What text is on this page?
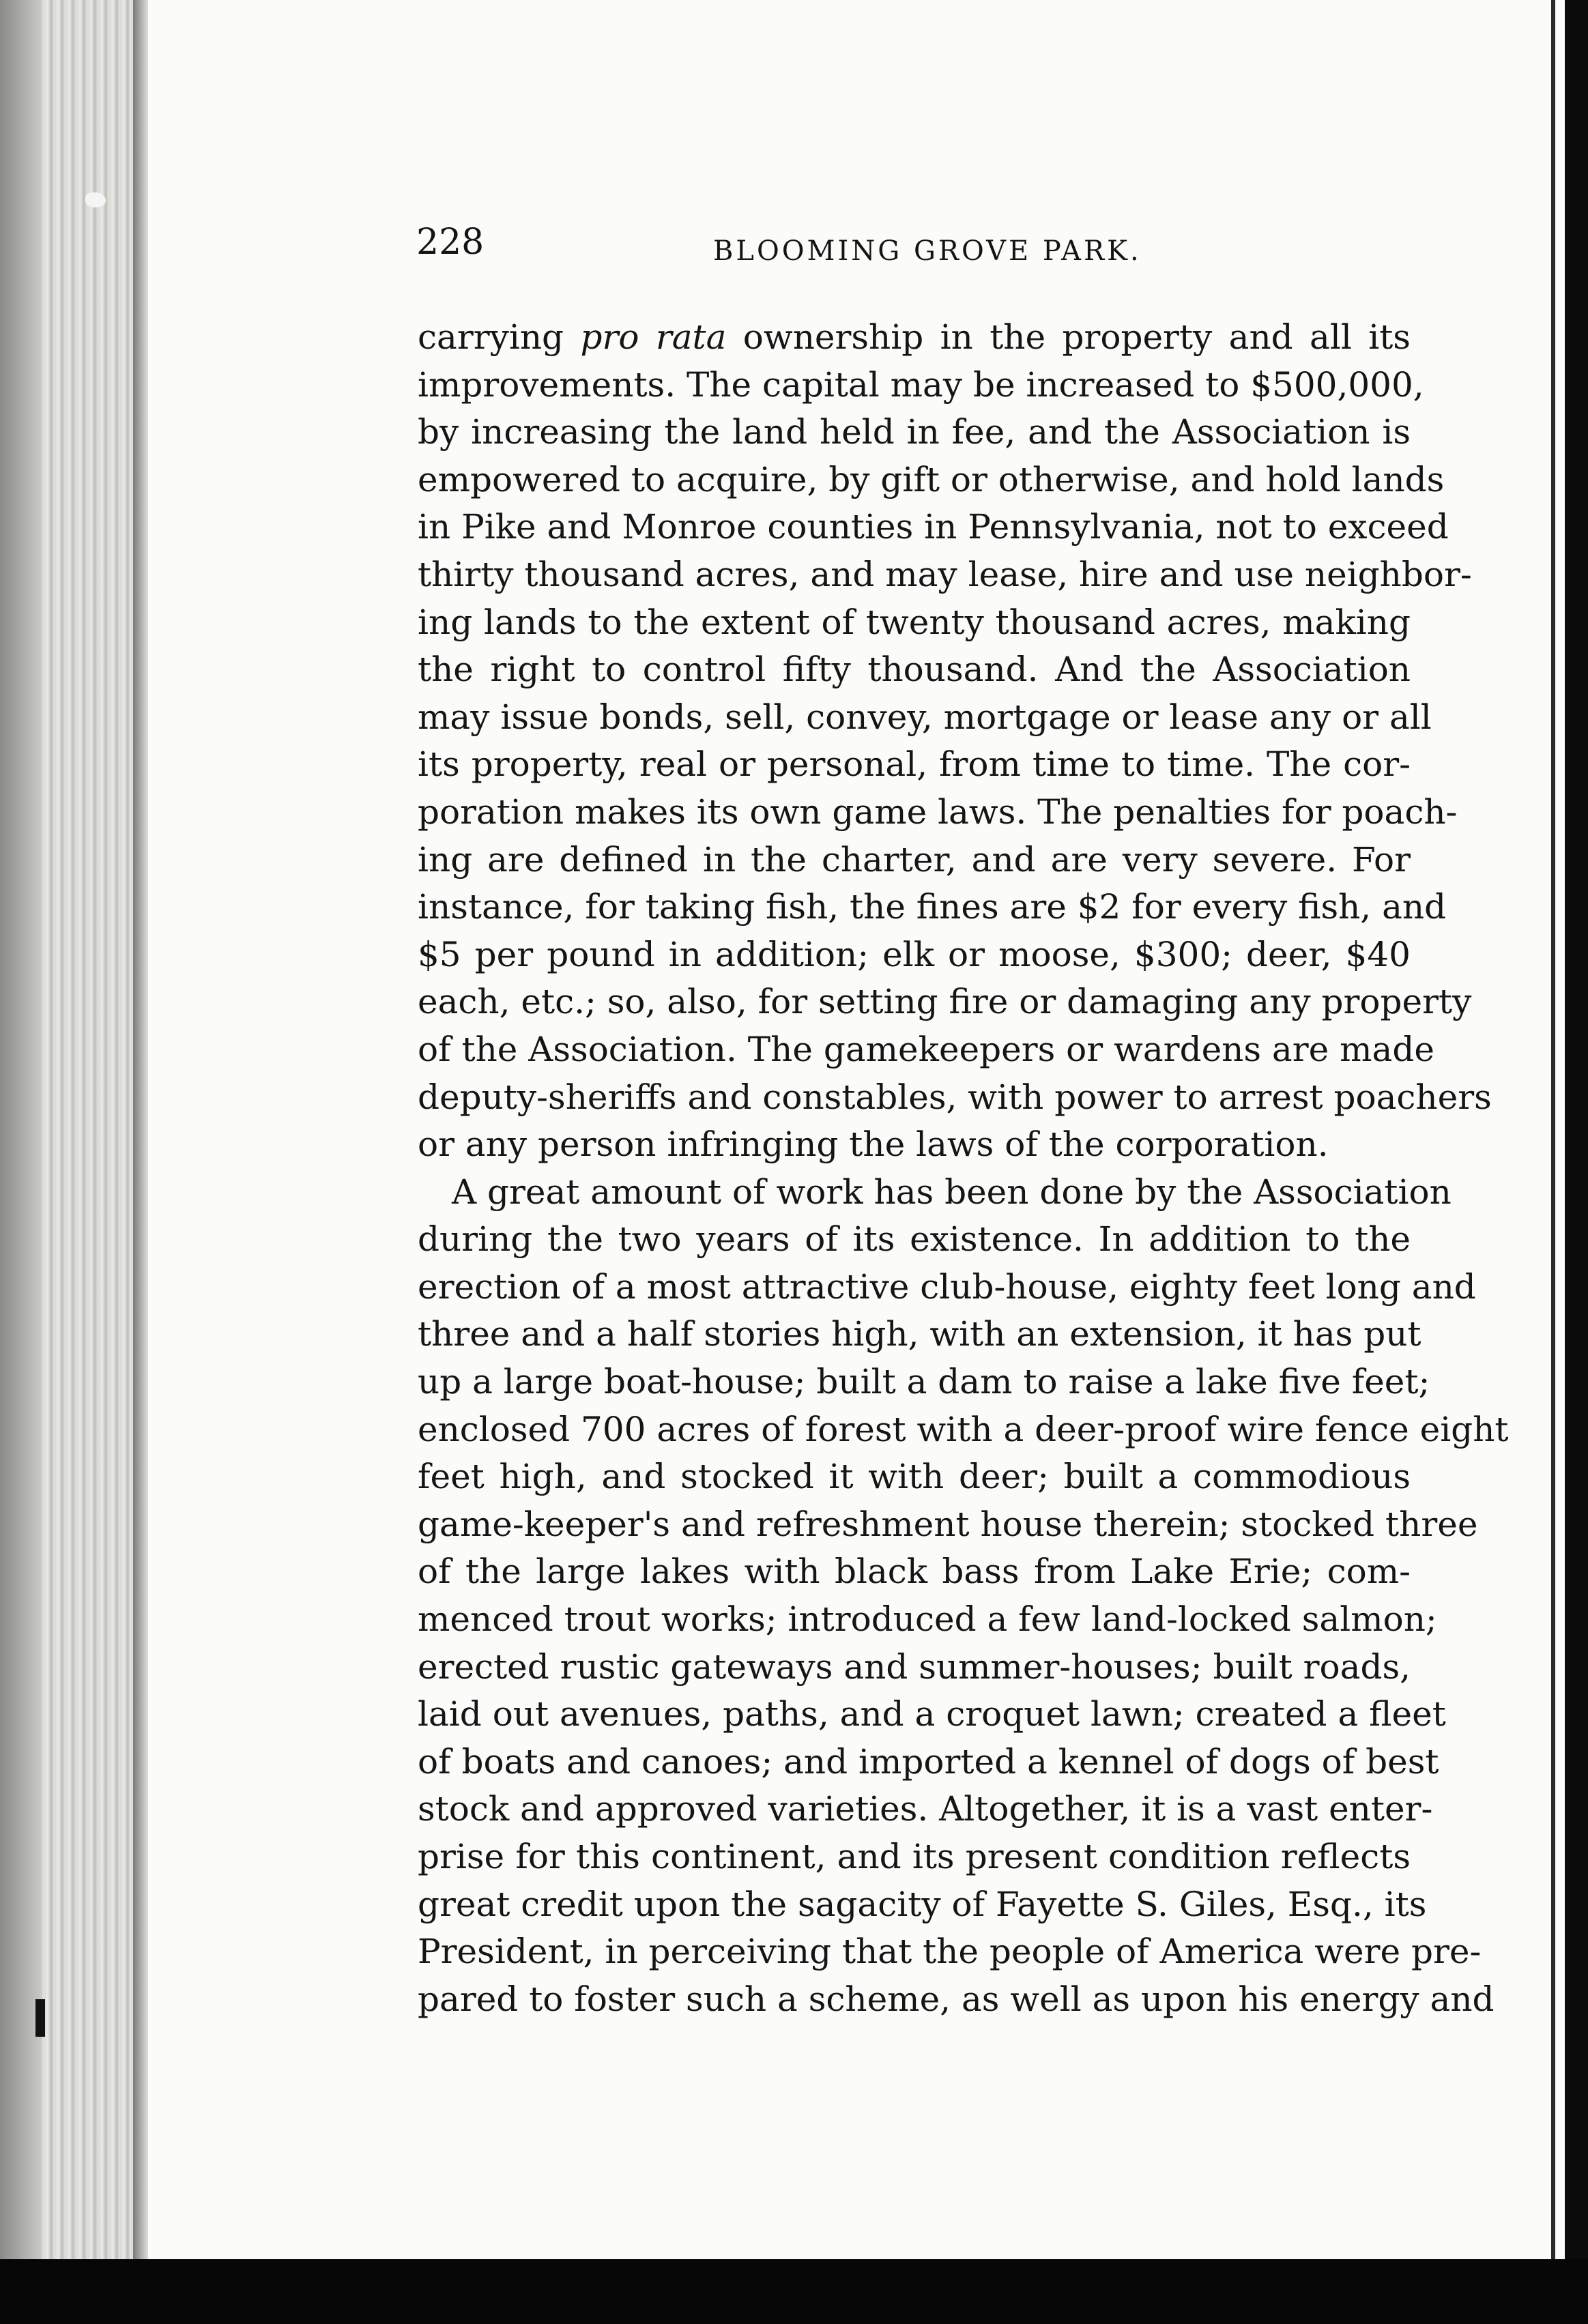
228	BLOOMING GROVE PARK.
carrying pro rata ownership in the property and all its
improvements. The capital may be increased to $500,000,
by increasing the land held in fee, and the Association is
empowered to acquire, by gift or otherwise, and hold lands
in Pike and Monroe counties in Pennsylvania, not to exceed
thirty thousand acres, and may lease, hire and use neighbor-
ing lands to the extent of twenty thousand acres, making
the right to control fifty thousand. And the Association
may issue bonds, sell, convey, mortgage or lease any or all
its property, real or personal, from time to time. The cor-
poration makes its own game laws. The penalties for poach-
ing are defined in the charter, and are very severe. For
instance, for taking fish, the fines are $2 for every fish, and
$5 per pound in addition; elk or moose, $300; deer, $40
each, etc.; so, also, for setting fire or damaging any property
of the Association. The gamekeepers or wardens are made
deputy-sheriffs and constables, with power to arrest poachers
or any person infringing the laws of the corporation.
A great amount of work has been done by the Association
during the two years of its existence. In addition to the
erection of a most attractive club-house, eighty feet long and
three and a half stories high, with an extension, it has put
up a large boat-house; built a dam to raise a lake five feet;
enclosed 700 acres of forest with a deer-proof wire fence eight
feet high, and stocked it with deer; built a commodious
game-keeper's and refreshment house therein; stocked three
of the large lakes with black bass from Lake Erie; com-
menced trout works; introduced a few land-locked salmon;
erected rustic gateways and summer-houses; built roads,
laid out avenues, paths, and a croquet lawn; created a fleet
of boats and canoes; and imported a kennel of dogs of best
stock and approved varieties. Altogether, it is a vast enter-
prise for this continent, and its present condition reflects
great credit upon the sagacity of Fayette S. Giles, Esq., its
President, in perceiving that the people of America were pre-
pared to foster such a scheme, as well as upon his energy and
